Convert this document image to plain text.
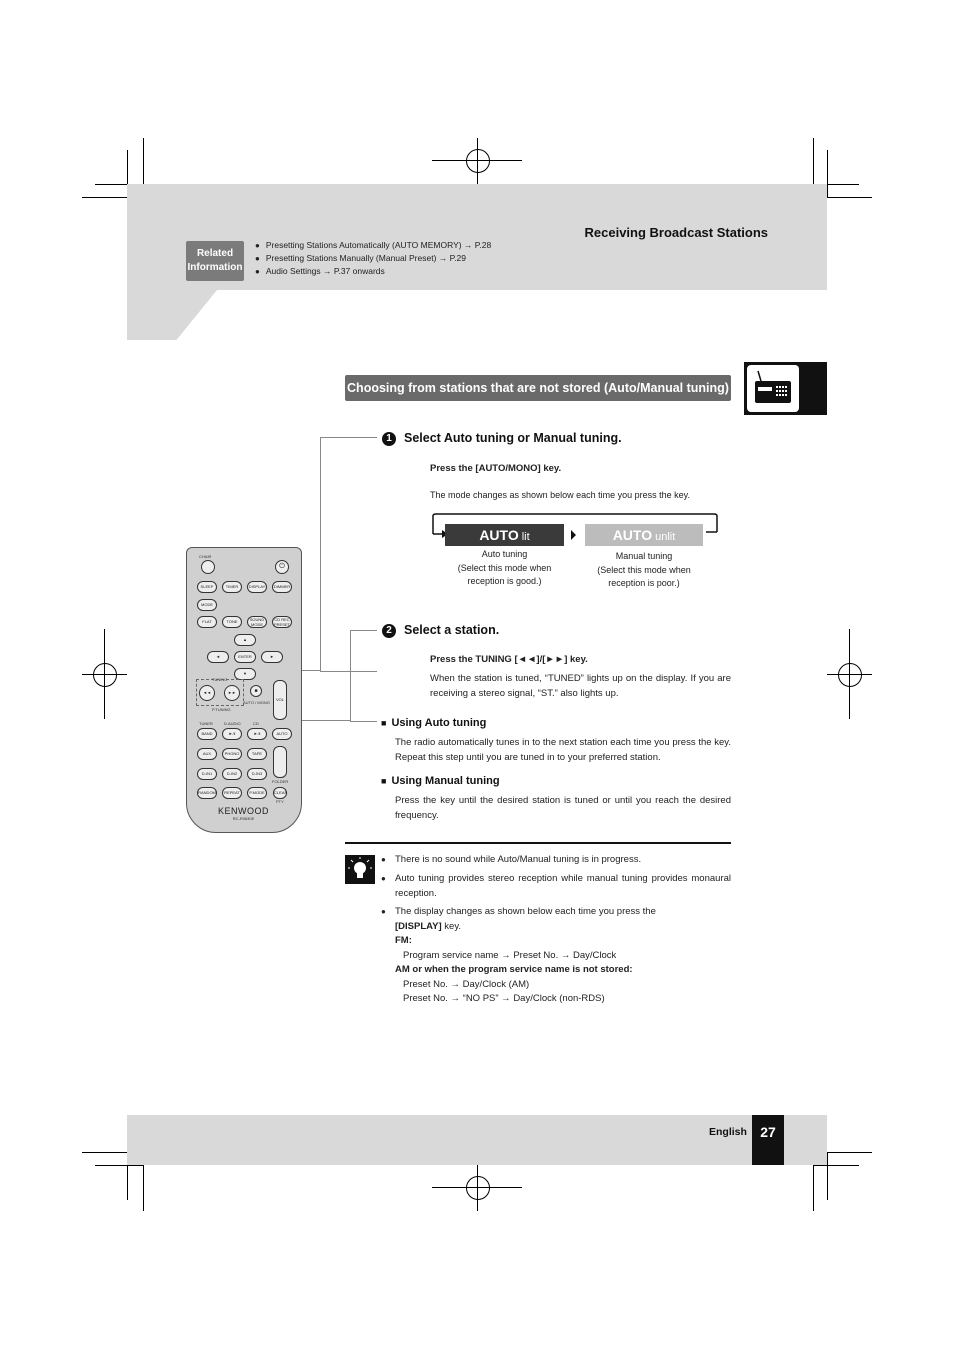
Related
Information
● Presetting Stations Automatically (AUTO MEMORY) → P.28
● Presetting Stations Manually (Manual Preset) → P.29
● Audio Settings → P.37 onwards
Receiving Broadcast Stations
Choosing from stations that are not stored (Auto/Manual tuning)
1 Select Auto tuning or Manual tuning.
Press the [AUTO/MONO] key.
The mode changes as shown below each time you press the key.
AUTO lit	AUTO unlit
Auto tuning
(Select this mode when
reception is good.)
Manual tuning
(Select this mode when
reception is poor.)
2 Select a station.
Press the TUNING [◄◄]/[►►] key.
When the station is tuned, “TUNED” lights up on the display. If you are receiving a stereo signal, “ST.” also lights up.
■ Using Auto tuning
The radio automatically tunes in to the next station each time you press the key. Repeat this step until you are tuned in to your preferred station.
■ Using Manual tuning
Press the key until the desired station is tuned or until you reach the desired frequency.
● There is no sound while Auto/Manual tuning is in progress.
● Auto tuning provides stereo reception while manual tuning provides monaural reception.
● The display changes as shown below each time you press the
[DISPLAY] key.
FM:
Program service name → Preset No. → Day/Clock
AM or when the program service name is not stored:
Preset No. → Day/Clock (AM)
Preset No. → “NO PS” → Day/Clock (non-RDS)
CHAIR
⏻
SLEEP	TIMER	DISPLAY	DIMMER
MODE
FLAT	TONE	SOUND MODE
CD REC PRESET
▲
◄	ENTER	►
▼
TUNING
◄◄	►►	■
AUTO / MONO
P.TUNING
VOL
TUNER	D.AUDIO	CD
BAND	►/‖	►/‖	AUTO
AUX	PHONO	TAPE
D-IN1	D-IN2	D-IN3
FOLDER
RANDOM	REPEAT	P.MODE	CLEAR
PTY
KENWOOD
RC-R0830E
English 27
